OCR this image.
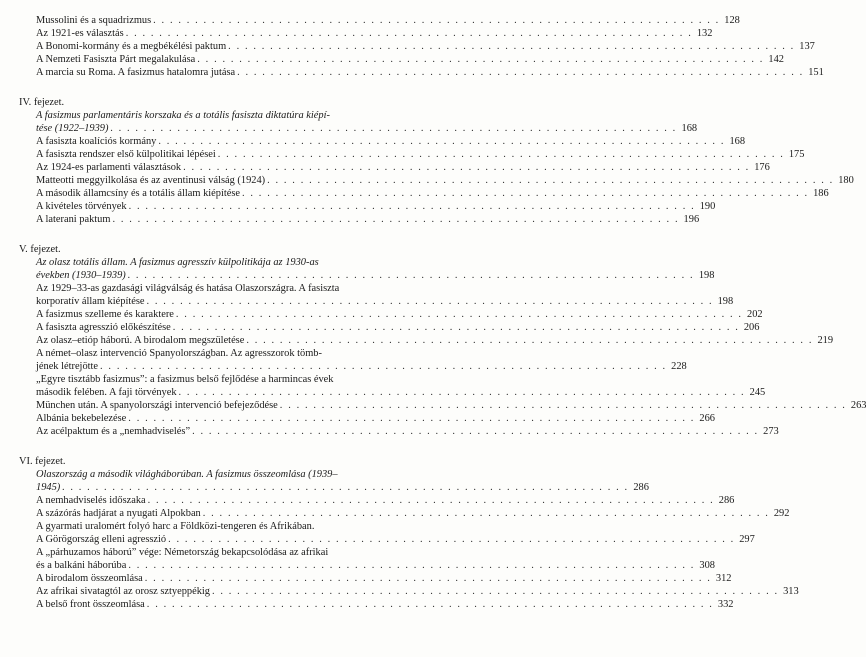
Mussolini és a squadrizmus . . . . . . . . . . . . . . . . . . . . . . . . . . . . . . . . . . . . . . . . . . . . . . . . . . . . . . . . . . . . . . . . . . . . 128
Az 1921-es választás . . . . . . . . . . . . . . . . . . . . . . . . . . . . . . . . . . . . . . . . . . . . . . . . . . . . . . . . . . . . . . . . . . . . 132
A Bonomi-kormány és a megbékélési paktum . . . . . . . . . . . . . . . . . . . . . . . . . . . . . . . . . . . . . . . . . . . . . . . . . . . . . . . . . . . . . . . . . . . . 137
A Nemzeti Fasiszta Párt megalakulása . . . . . . . . . . . . . . . . . . . . . . . . . . . . . . . . . . . . . . . . . . . . . . . . . . . . . . . . . . . . . . . . . . . . 142
A marcia su Roma. A fasizmus hatalomra jutása . . . . . . . . . . . . . . . . . . . . . . . . . . . . . . . . . . . . . . . . . . . . . . . . . . . . . . . . . . . . . . . . . . . . 151
IV. fejezet.
A fasizmus parlamentáris korszaka és a totális fasiszta diktatúra kiépí-
tése (1922–1939) . . . . . . . . . . . . . . . . . . . . . . . . . . . . . . . . . . . . . . . . . . . . . . . . . . . . . . . . . . . . . . . . . . . . 168
A fasiszta koalíciós kormány . . . . . . . . . . . . . . . . . . . . . . . . . . . . . . . . . . . . . . . . . . . . . . . . . . . . . . . . . . . . . . . . . . . . 168
A fasiszta rendszer első külpolitikai lépései . . . . . . . . . . . . . . . . . . . . . . . . . . . . . . . . . . . . . . . . . . . . . . . . . . . . . . . . . . . . . . . . . . . . 175
Az 1924-es parlamenti választások . . . . . . . . . . . . . . . . . . . . . . . . . . . . . . . . . . . . . . . . . . . . . . . . . . . . . . . . . . . . . . . . . . . . 176
Matteotti meggyilkolása és az aventinusi válság (1924) . . . . . . . . . . . . . . . . . . . . . . . . . . . . . . . . . . . . . . . . . . . . . . . . . . . . . . . . . . . . . . . . . . . . 180
A második államcsíny és a totális állam kiépítése . . . . . . . . . . . . . . . . . . . . . . . . . . . . . . . . . . . . . . . . . . . . . . . . . . . . . . . . . . . . . . . . . . . . 186
A kivételes törvények . . . . . . . . . . . . . . . . . . . . . . . . . . . . . . . . . . . . . . . . . . . . . . . . . . . . . . . . . . . . . . . . . . . . 190
A laterani paktum . . . . . . . . . . . . . . . . . . . . . . . . . . . . . . . . . . . . . . . . . . . . . . . . . . . . . . . . . . . . . . . . . . . . 196
V. fejezet.
Az olasz totális állam. A fasizmus agresszív külpolitikája az 1930-as
években (1930–1939) . . . . . . . . . . . . . . . . . . . . . . . . . . . . . . . . . . . . . . . . . . . . . . . . . . . . . . . . . . . . . . . . . . . . 198
Az 1929–33-as gazdasági világválság és hatása Olaszországra. A fasiszta
korporatív állam kiépítése . . . . . . . . . . . . . . . . . . . . . . . . . . . . . . . . . . . . . . . . . . . . . . . . . . . . . . . . . . . . . . . . . . . . 198
A fasizmus szelleme és karaktere . . . . . . . . . . . . . . . . . . . . . . . . . . . . . . . . . . . . . . . . . . . . . . . . . . . . . . . . . . . . . . . . . . . . 202
A fasiszta agresszió előkészítése . . . . . . . . . . . . . . . . . . . . . . . . . . . . . . . . . . . . . . . . . . . . . . . . . . . . . . . . . . . . . . . . . . . . 206
Az olasz–etióp háború. A birodalom megszületése . . . . . . . . . . . . . . . . . . . . . . . . . . . . . . . . . . . . . . . . . . . . . . . . . . . . . . . . . . . . . . . . . . . . 219
A német–olasz intervenció Spanyolországban. Az agresszorok tömb-
jének létrejötte . . . . . . . . . . . . . . . . . . . . . . . . . . . . . . . . . . . . . . . . . . . . . . . . . . . . . . . . . . . . . . . . . . . . 228
„Egyre tisztább fasizmus”: a fasizmus belső fejlődése a harmincas évek
második felében. A faji törvények . . . . . . . . . . . . . . . . . . . . . . . . . . . . . . . . . . . . . . . . . . . . . . . . . . . . . . . . . . . . . . . . . . . . 245
München után. A spanyolországi intervenció befejeződése . . . . . . . . . . . . . . . . . . . . . . . . . . . . . . . . . . . . . . . . . . . . . . . . . . . . . . . . . . . . . . . . . . . . 263
Albánia bekebelezése . . . . . . . . . . . . . . . . . . . . . . . . . . . . . . . . . . . . . . . . . . . . . . . . . . . . . . . . . . . . . . . . . . . . 266
Az acélpaktum és a „nemhadviselés” . . . . . . . . . . . . . . . . . . . . . . . . . . . . . . . . . . . . . . . . . . . . . . . . . . . . . . . . . . . . . . . . . . . . 273
VI. fejezet.
Olaszország a második világháborúban. A fasizmus összeomlása (1939–
1945) . . . . . . . . . . . . . . . . . . . . . . . . . . . . . . . . . . . . . . . . . . . . . . . . . . . . . . . . . . . . . . . . . . . . 286
A nemhadviselés időszaka . . . . . . . . . . . . . . . . . . . . . . . . . . . . . . . . . . . . . . . . . . . . . . . . . . . . . . . . . . . . . . . . . . . . 286
A százórás hadjárat a nyugati Alpokban . . . . . . . . . . . . . . . . . . . . . . . . . . . . . . . . . . . . . . . . . . . . . . . . . . . . . . . . . . . . . . . . . . . . 292
A gyarmati uralomért folyó harc a Földközi-tengeren és Afrikában.
A Görögország elleni agresszió . . . . . . . . . . . . . . . . . . . . . . . . . . . . . . . . . . . . . . . . . . . . . . . . . . . . . . . . . . . . . . . . . . . . 297
A „párhuzamos háború” vége: Németország bekapcsolódása az afrikai
és a balkáni háborúba . . . . . . . . . . . . . . . . . . . . . . . . . . . . . . . . . . . . . . . . . . . . . . . . . . . . . . . . . . . . . . . . . . . . 308
A birodalom összeomlása . . . . . . . . . . . . . . . . . . . . . . . . . . . . . . . . . . . . . . . . . . . . . . . . . . . . . . . . . . . . . . . . . . . . 312
Az afrikai sivatagtól az orosz sztyeppékig . . . . . . . . . . . . . . . . . . . . . . . . . . . . . . . . . . . . . . . . . . . . . . . . . . . . . . . . . . . . . . . . . . . . 313
A belső front összeomlása . . . . . . . . . . . . . . . . . . . . . . . . . . . . . . . . . . . . . . . . . . . . . . . . . . . . . . . . . . . . . . . . . . . . 332
